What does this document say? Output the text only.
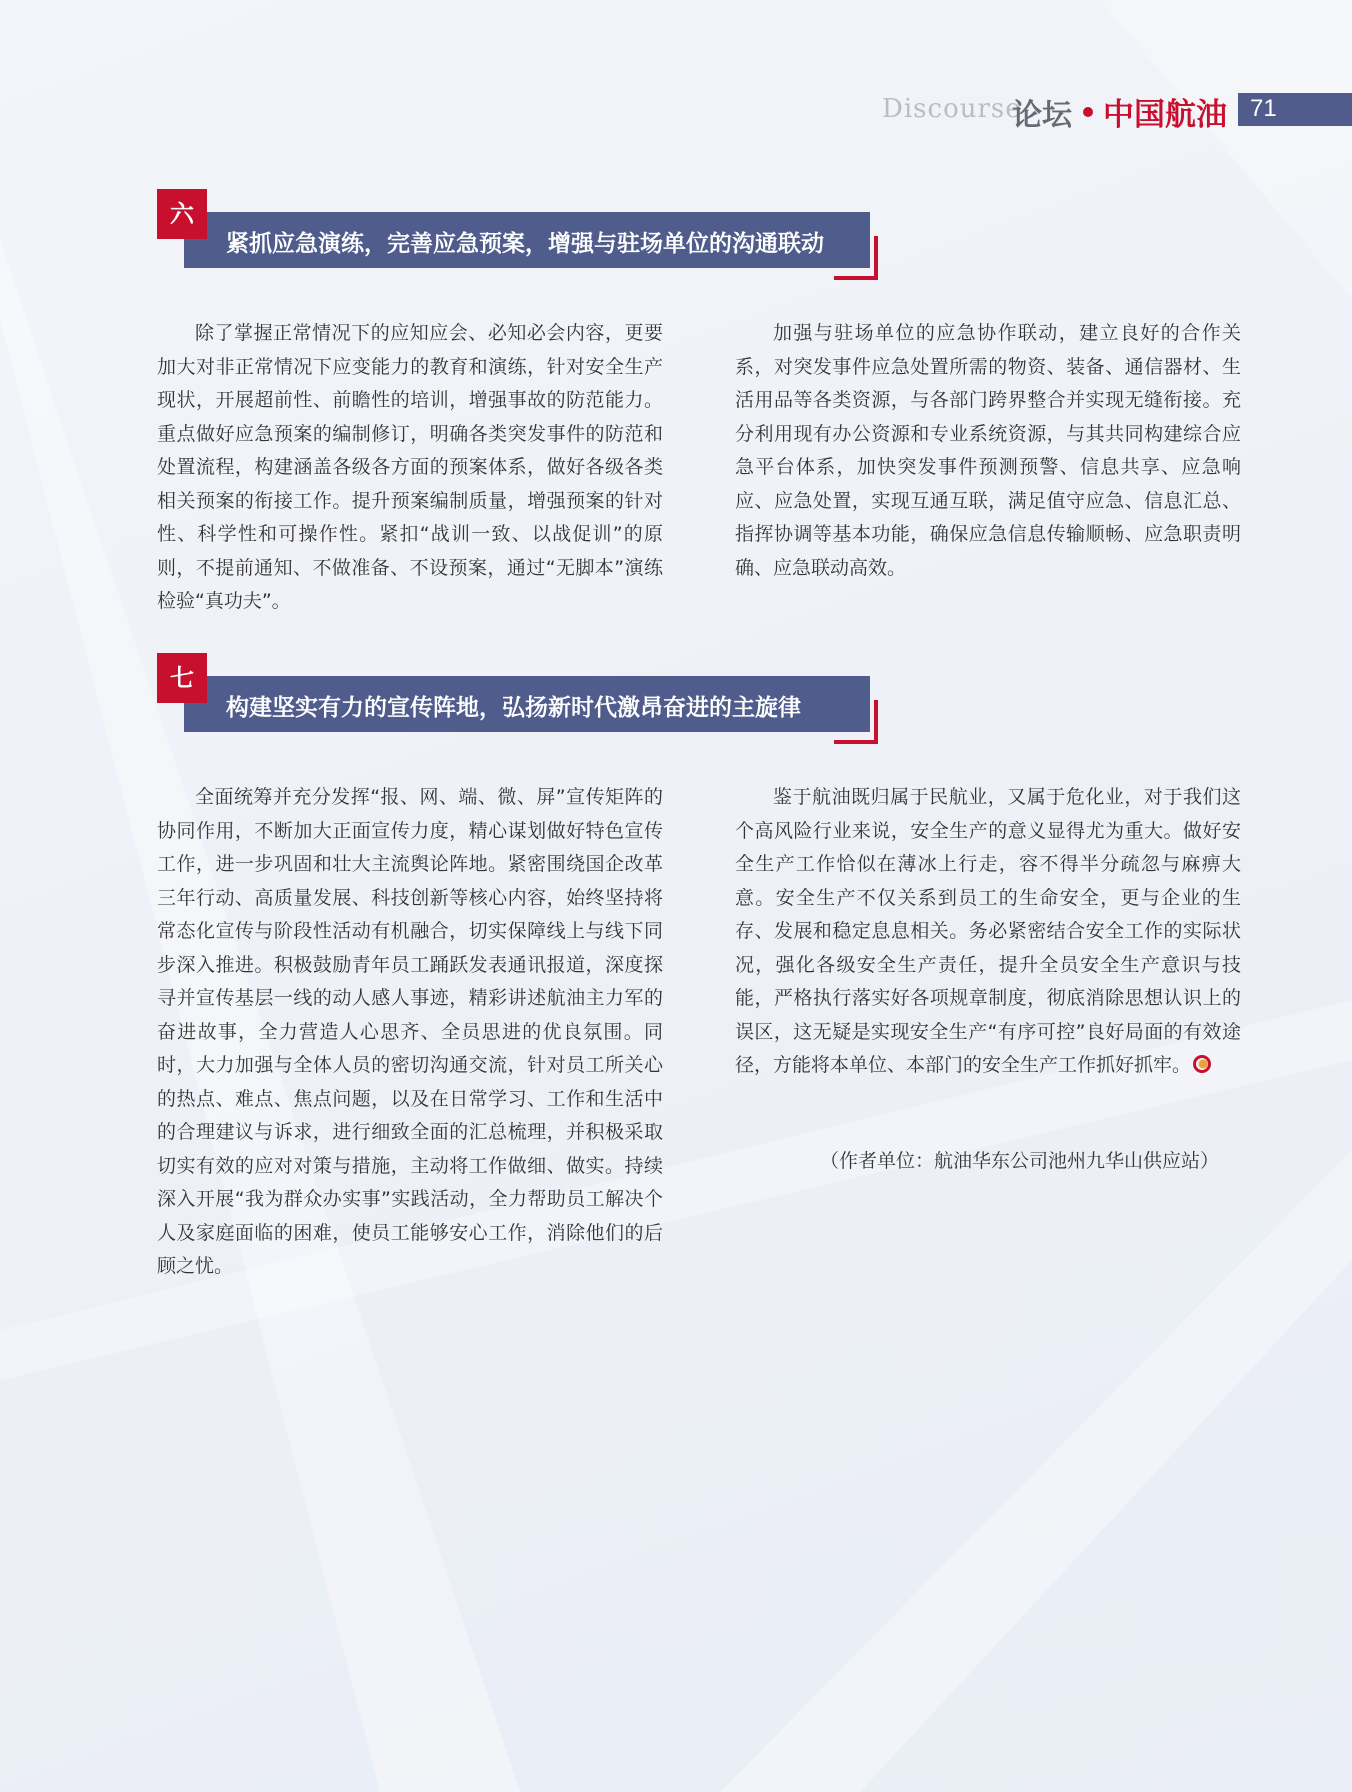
Discourse
论坛 中国航油 71
紧抓应急演练，完善应急预案，增强与驻场单位的沟通联动
六

除了掌握正常情况下的应知应会、必知必会内容，更要加大对非正常情况下应变能力的教育和演练，针对安全生产现状，开展超前性、前瞻性的培训，增强事故的防范能力。重点做好应急预案的编制修订，明确各类突发事件的防范和处置流程，构建涵盖各级各方面的预案体系，做好各级各类相关预案的衔接工作。提升预案编制质量，增强预案的针对性、科学性和可操作性。紧扣“战训一致、以战促训”的原则，不提前通知、不做准备、不设预案，通过“无脚本”演练检验“真功夫”。

加强与驻场单位的应急协作联动，建立良好的合作关系，对突发事件应急处置所需的物资、装备、通信器材、生活用品等各类资源，与各部门跨界整合并实现无缝衔接。充分利用现有办公资源和专业系统资源，与其共同构建综合应急平台体系，加快突发事件预测预警、信息共享、应急响应、应急处置，实现互通互联，满足值守应急、信息汇总、指挥协调等基本功能，确保应急信息传输顺畅、应急职责明确、应急联动高效。

构建坚实有力的宣传阵地，弘扬新时代激昂奋进的主旋律
七

全面统筹并充分发挥“报、网、端、微、屏”宣传矩阵的协同作用，不断加大正面宣传力度，精心谋划做好特色宣传工作，进一步巩固和壮大主流舆论阵地。紧密围绕国企改革三年行动、高质量发展、科技创新等核心内容，始终坚持将常态化宣传与阶段性活动有机融合，切实保障线上与线下同步深入推进。积极鼓励青年员工踊跃发表通讯报道，深度探寻并宣传基层一线的动人感人事迹，精彩讲述航油主力军的奋进故事，全力营造人心思齐、全员思进的优良氛围。同时，大力加强与全体人员的密切沟通交流，针对员工所关心的热点、难点、焦点问题，以及在日常学习、工作和生活中的合理建议与诉求，进行细致全面的汇总梳理，并积极采取切实有效的应对对策与措施，主动将工作做细、做实。持续深入开展“我为群众办实事”实践活动，全力帮助员工解决个人及家庭面临的困难，使员工能够安心工作，消除他们的后顾之忧。

鉴于航油既归属于民航业，又属于危化业，对于我们这个高风险行业来说，安全生产的意义显得尤为重大。做好安全生产工作恰似在薄冰上行走，容不得半分疏忽与麻痹大意。安全生产不仅关系到员工的生命安全，更与企业的生存、发展和稳定息息相关。务必紧密结合安全工作的实际状况，强化各级安全生产责任，提升全员安全生产意识与技能，严格执行落实好各项规章制度，彻底消除思想认识上的误区，这无疑是实现安全生产“有序可控”良好局面的有效途径，方能将本单位、本部门的安全生产工作抓好抓牢。

（作者单位：航油华东公司池州九华山供应站）
